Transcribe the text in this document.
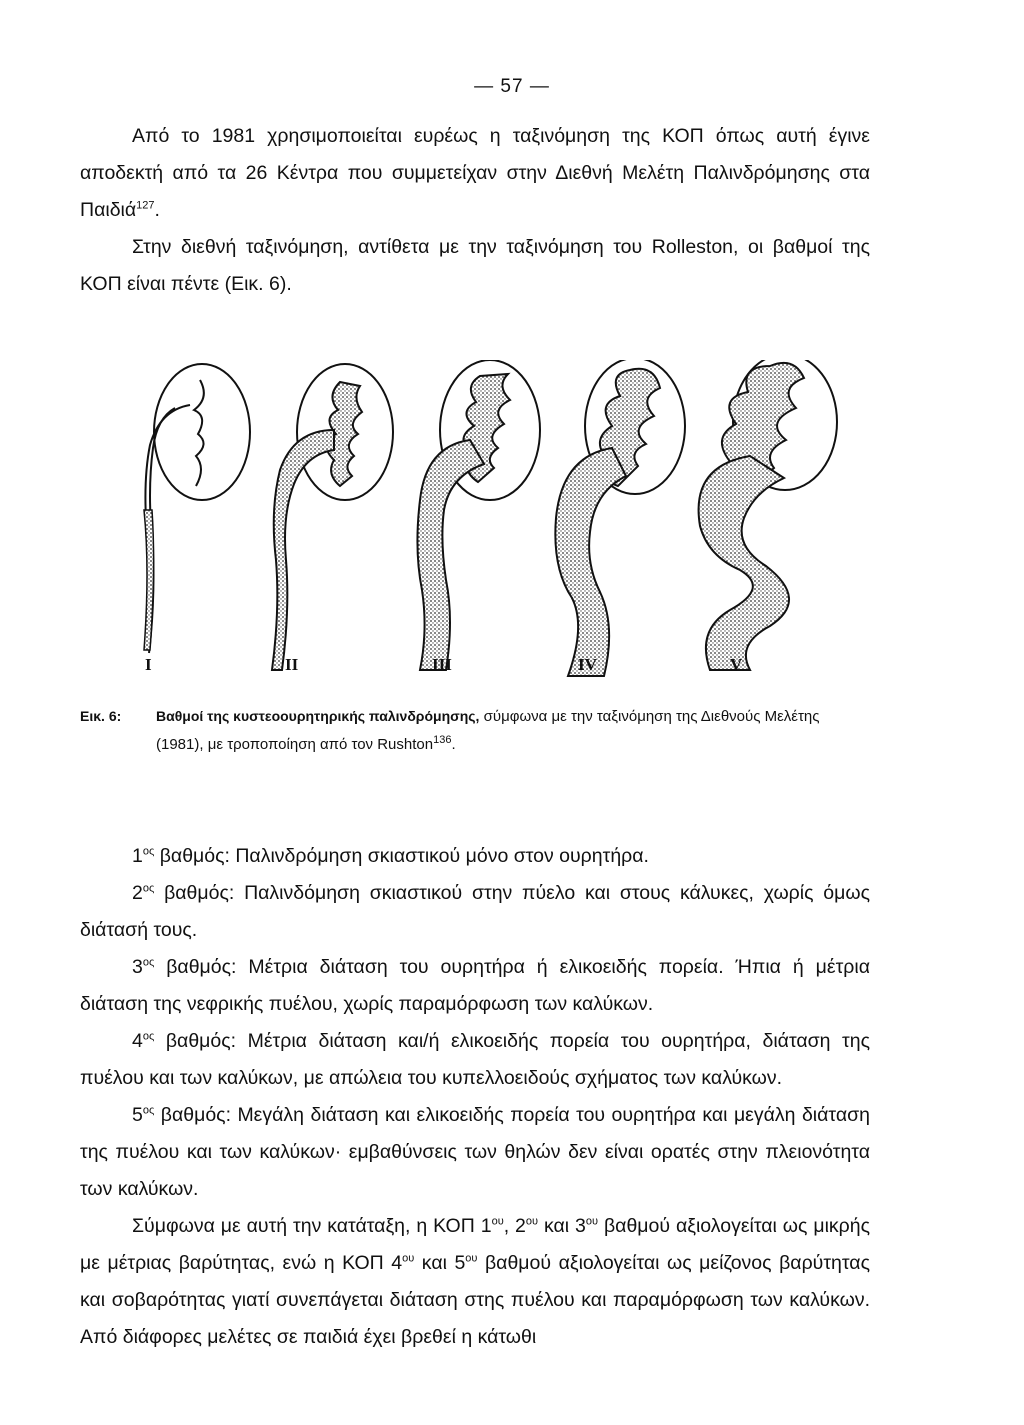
— 57 —

Από το 1981 χρησιμοποιείται ευρέως η ταξινόμηση της ΚΟΠ όπως αυτή έγινε αποδεκτή από τα 26 Κέντρα που συμμετείχαν στην Διεθνή Μελέτη Παλινδρόμησης στα Παιδιά$^{127}$.

Στην διεθνή ταξινόμηση, αντίθετα με την ταξινόμηση του Rolleston, οι βαθμοί της ΚΟΠ είναι πέντε (Εικ. 6).

I	II	III	IV	V
Εικ. 6: Βαθμοί της κυστεοουρητηρικής παλινδρόμησης, σύμφωνα με την ταξινόμηση της Διεθνούς Μελέτης (1981), με τροποποίηση από τον Rushton$^{136}$.

$1^{o\varsigma}$ βαθμός: Παλινδρόμηση σκιαστικού μόνο στον ουρητήρα.

$2^{o\varsigma}$ βαθμός: Παλινδόμηση σκιαστικού στην πύελο και στους κάλυκες, χωρίς όμως διάτασή τους.

$3^{o\varsigma}$ βαθμός: Μέτρια διάταση του ουρητήρα ή ελικοειδής πορεία. Ήπια ή μέτρια διάταση της νεφρικής πυέλου, χωρίς παραμόρφωση των καλύκων.

$4^{o\varsigma}$ βαθμός: Μέτρια διάταση και/ή ελικοειδής πορεία του ουρητήρα, διάταση της πυέλου και των καλύκων, με απώλεια του κυπελλοειδούς σχήματος των καλύκων.

$5^{o\varsigma}$ βαθμός: Μεγάλη διάταση και ελικοειδής πορεία του ουρητήρα και μεγάλη διάταση της πυέλου και των καλύκων· εμβαθύνσεις των θηλών δεν είναι ορατές στην πλειονότητα των καλύκων.

Σύμφωνα με αυτή την κατάταξη, η ΚΟΠ $1^{o\upsilon}$, $2^{o\upsilon}$ και $3^{o\upsilon}$ βαθμού αξιολογείται ως μικρής με μέτριας βαρύτητας, ενώ η ΚΟΠ $4^{o\upsilon}$ και $5^{o\upsilon}$ βαθμού αξιολογείται ως μείζονος βαρύτητας και σοβαρότητας γιατί συνεπάγεται διάταση στης πυέλου και παραμόρφωση των καλύκων. Από διάφορες μελέτες σε παιδιά έχει βρεθεί η κάτωθι
